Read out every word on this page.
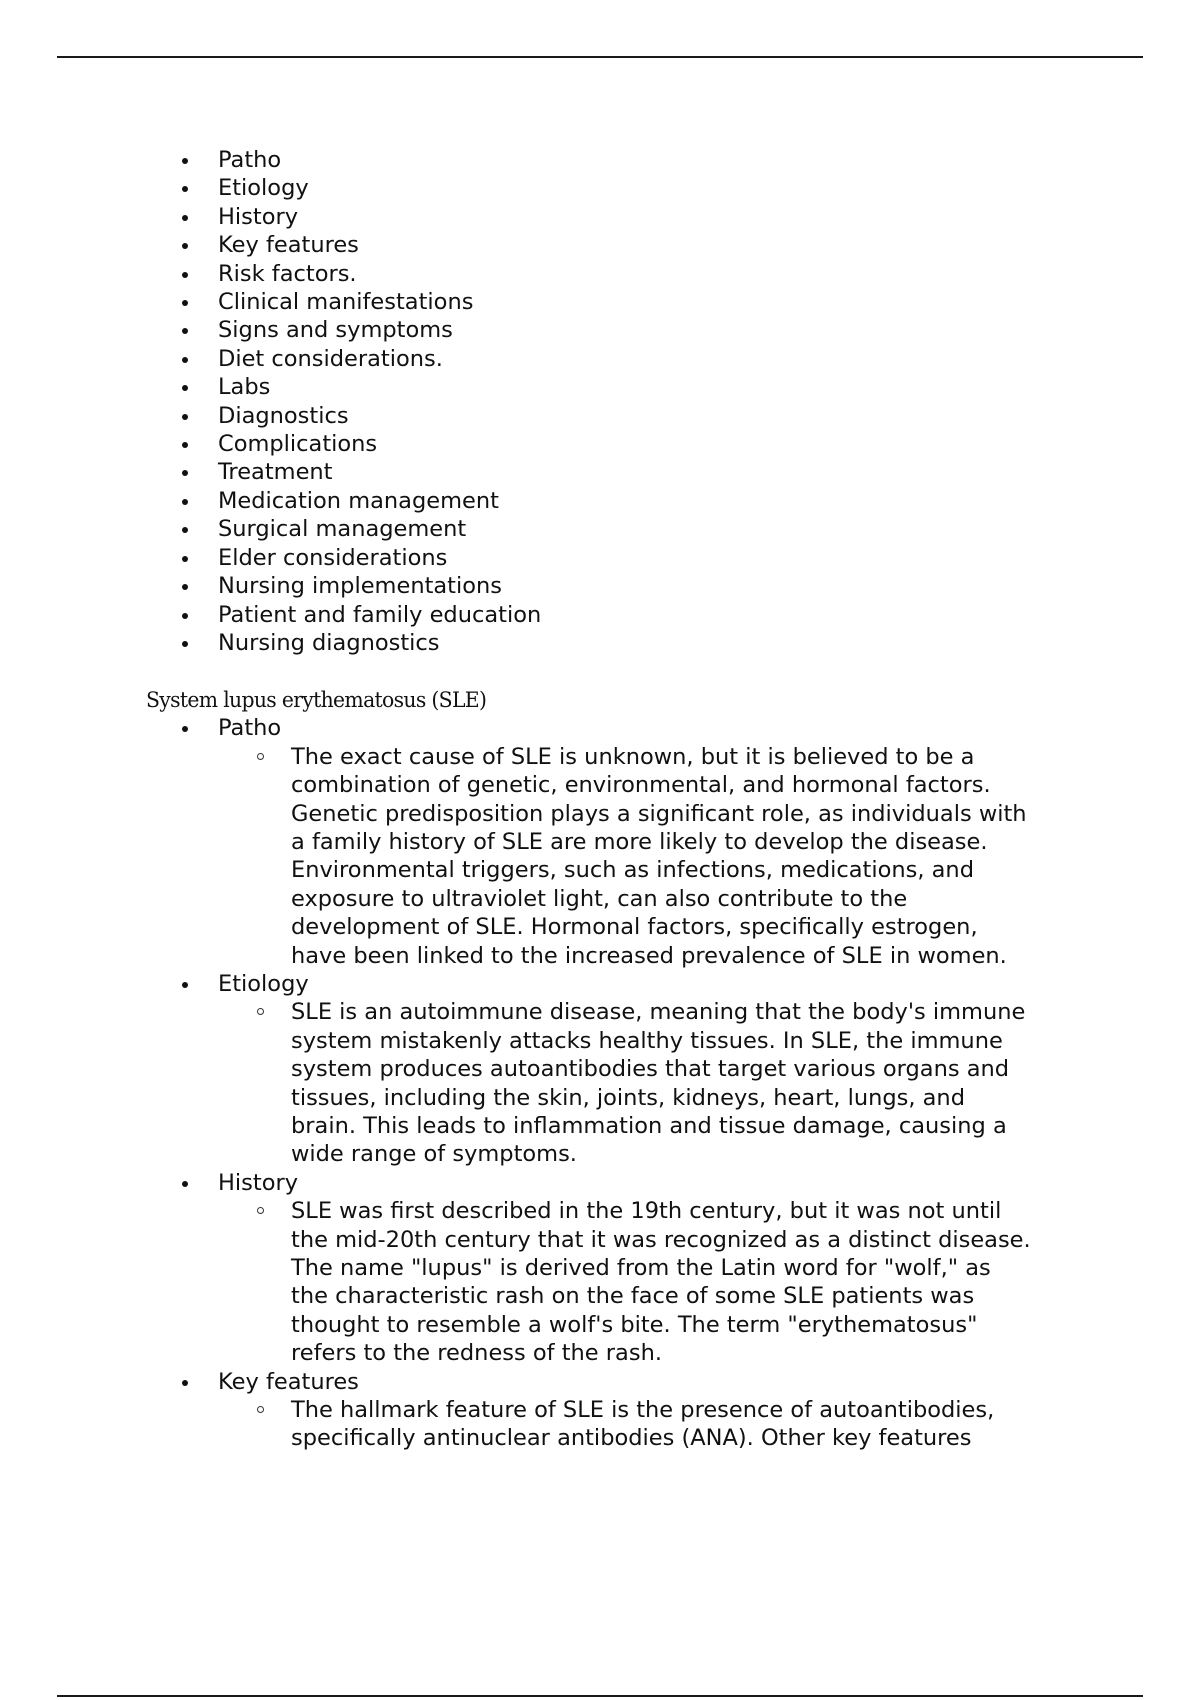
Patho
Etiology
History
Key features
Risk factors.
Clinical manifestations
Signs and symptoms
Diet considerations.
Labs
Diagnostics
Complications
Treatment
Medication management
Surgical management
Elder considerations
Nursing implementations
Patient and family education
Nursing diagnostics
System lupus erythematosus (SLE)
Patho
The exact cause of SLE is unknown, but it is believed to be a
combination of genetic, environmental, and hormonal factors.
Genetic predisposition plays a significant role, as individuals with
a family history of SLE are more likely to develop the disease.
Environmental triggers, such as infections, medications, and
exposure to ultraviolet light, can also contribute to the
development of SLE. Hormonal factors, specifically estrogen,
have been linked to the increased prevalence of SLE in women.
Etiology
SLE is an autoimmune disease, meaning that the body's immune
system mistakenly attacks healthy tissues. In SLE, the immune
system produces autoantibodies that target various organs and
tissues, including the skin, joints, kidneys, heart, lungs, and
brain. This leads to inflammation and tissue damage, causing a
wide range of symptoms.
History
SLE was first described in the 19th century, but it was not until
the mid-20th century that it was recognized as a distinct disease.
The name "lupus" is derived from the Latin word for "wolf," as
the characteristic rash on the face of some SLE patients was
thought to resemble a wolf's bite. The term "erythematosus"
refers to the redness of the rash.
Key features
The hallmark feature of SLE is the presence of autoantibodies,
specifically antinuclear antibodies (ANA). Other key features
